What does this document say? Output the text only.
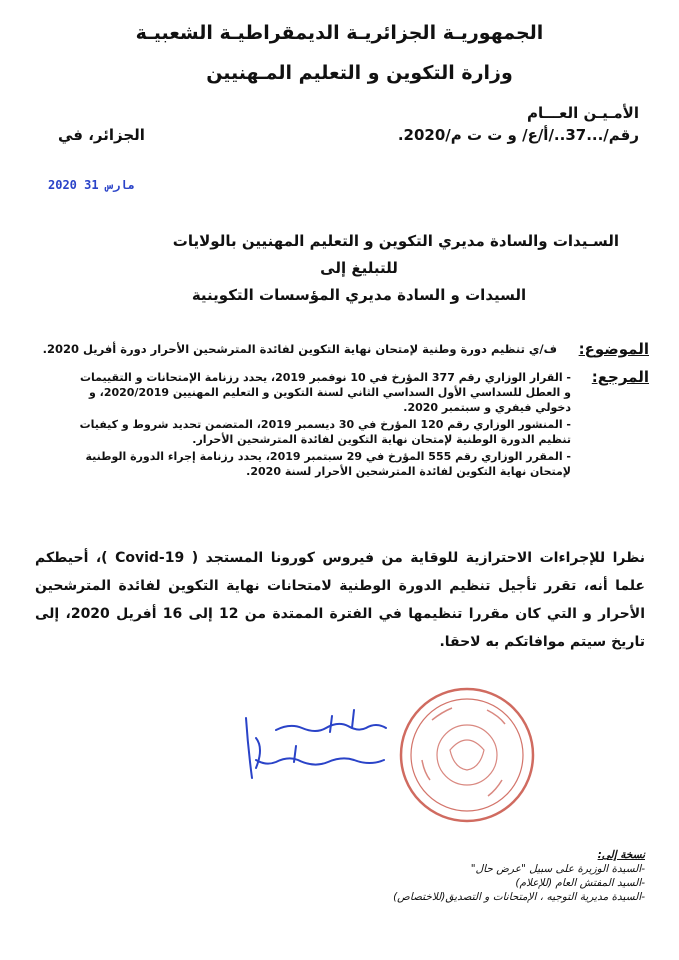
الجمهوريـة الجزائريـة الديمقراطيـة الشعبيـة
وزارة التكوين و التعليم المـهنيين
الأمـيـن العـــام
رقم/...37../أ/ع/ و ت ت م/2020.
الجزائر، في
2020 مارس 31
السـيدات والسادة مديري التكوين و التعليم المهنيين بالولايات
للتبليغ إلى
السيدات و السادة مديري المؤسسات التكوينية
الموضوع:
ف/ي تنظيم دورة وطنية لإمتحان نهاية التكوين لفائدة المترشحين الأحرار دورة أفريل 2020.
المرجع:

- القرار الوزاري رقم 377 المؤرخ في 10 نوفمبر 2019، يحدد رزنامة الإمتحانات و التقييمات و العطل للسداسي الأول السداسي الثاني لسنة التكوين و التعليم المهنيين 2020/2019، و دخولي فيفري و سبتمبر 2020.

- المنشور الوزاري رقم 120 المؤرخ في 30 ديسمبر 2019، المتضمن تحديد شروط و كيفيات تنظيم الدورة الوطنية لإمتحان نهاية التكوين لفائدة المترشحين الأحرار.

- المقرر الوزاري رقم 555 المؤرخ في 29 سبتمبر 2019، يحدد رزنامة إجراء الدورة الوطنية لإمتحان نهاية التكوين لفائدة المترشحين الأحرار لسنة 2020.

نظرا للإجراءات الاحترازية للوقاية من فيروس كورونا المستجد ( Covid-19 )، أحيطكم علما أنه، تقرر تأجيل تنظيم الدورة الوطنية لامتحانات نهاية التكوين لفائدة المترشحين الأحرار و التي كان مقررا تنظيمها في الفترة الممتدة من 12 إلى 16 أفريل 2020، إلى تاريخ سيتم موافاتكم به لاحقا.

نسخة إلى:

-السيدة الوزيرة على سبيل "عرض حال"

-السيد المفتش العام (للإعلام)

-السيدة مديرية التوجيه ، الإمتحانات و التصديق(للاختصاص)
